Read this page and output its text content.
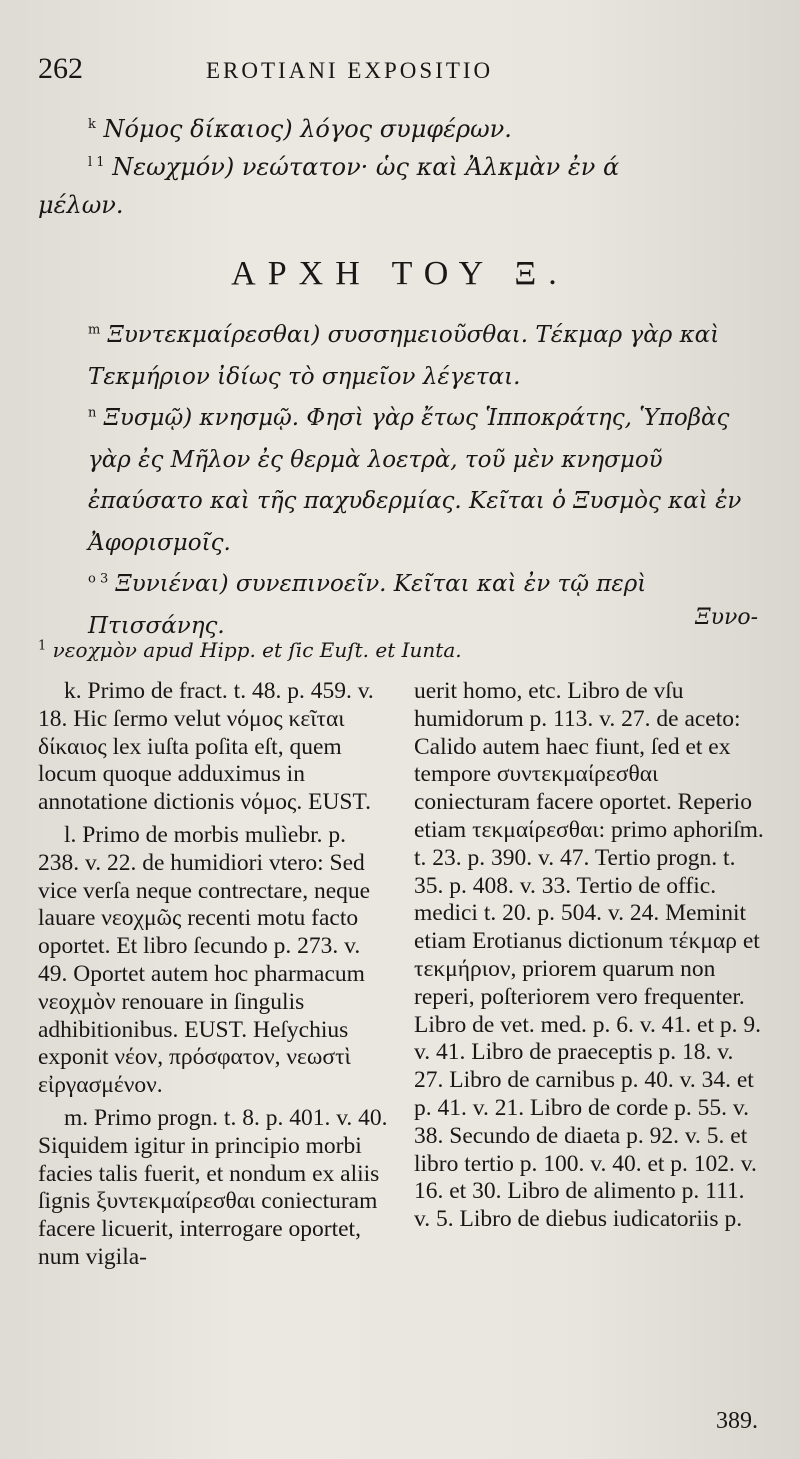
262	EROTIANI EXPOSITIO

$^k$ Νόμος δίκαιος) λόγος συμφέρων.

$^{l 1}$ Νεωχμόν) νεώτατον· ὡς καὶ Ἀλκμὰν ἐν ά

μέλων.

ΑΡΧΗ ΤΟΥ Ξ.

$^m$ Ξυντεκμαίρεσθαι) συσσημειοῦσθαι. Τέκμαρ γὰρ καὶ Τεκμήριον ἰδίως τὸ σημεῖον λέγεται.

$^n$ Ξυσμῷ) κνησμῷ. Φησὶ γὰρ ἔτως Ἱπποκράτης, Ὑποβὰς γὰρ ἐς Μῆλον ἐς θερμὰ λοετρὰ, τοῦ μὲν κνησμοῦ ἐπαύσατο καὶ τῆς παχυδερμίας. Κεῖται ὁ Ξυσμὸς καὶ ἐν Ἀφορισμοῖς.

$^{o 3}$ Ξυνιέναι) συνεπινοεῖν. Κεῖται καὶ ἐν τῷ περὶ Πτισσάνης.	Ξυνο-
$^1$ νεοχμὸν apud Hipp. et ſic Euſt. et Iunta.

k. Primo de fract. t. 48. p. 459. v. 18. Hic ſermo velut νόμος κεῖται δίκαιος lex iuſta poſita eſt, quem locum quoque adduximus in annotatione dictionis νόμος. EUST.

l. Primo de morbis mulìebr. p. 238. v. 22. de humidiori vtero: Sed vice verſa neque contrectare, neque lauare νεοχμῶς recenti motu facto oportet. Et libro ſecundo p. 273. v. 49. Oportet autem hoc pharmacum νεοχμὸν renouare in ſingulis adhibitionibus. EUST. Heſychius exponit νέον, πρόσφατον, νεωστὶ εἰργασμένον.

m. Primo progn. t. 8. p. 401. v. 40. Siquidem igitur in principio morbi facies talis fuerit, et nondum ex aliis ſignis ξυντεκμαίρεσθαι coniecturam facere licuerit, interrogare oportet, num vigila-

uerit homo, etc. Libro de vſu humidorum p. 113. v. 27. de aceto: Calido autem haec fiunt, ſed et ex tempore συντεκμαίρεσθαι coniecturam facere oportet. Reperio etiam τεκμαίρεσθαι: primo aphoriſm. t. 23. p. 390. v. 47. Tertio progn. t. 35. p. 408. v. 33. Tertio de offic. medici t. 20. p. 504. v. 24. Meminit etiam Erotianus dictionum τέκμαρ et τεκμήριον, priorem quarum non reperi, poſteriorem vero frequenter. Libro de vet. med. p. 6. v. 41. et p. 9. v. 41. Libro de praeceptis p. 18. v. 27. Libro de carnibus p. 40. v. 34. et p. 41. v. 21. Libro de corde p. 55. v. 38. Secundo de diaeta p. 92. v. 5. et libro tertio p. 100. v. 40. et p. 102. v. 16. et 30. Libro de alimento p. 111. v. 5. Libro de diebus iudicatoriis p.

389.
